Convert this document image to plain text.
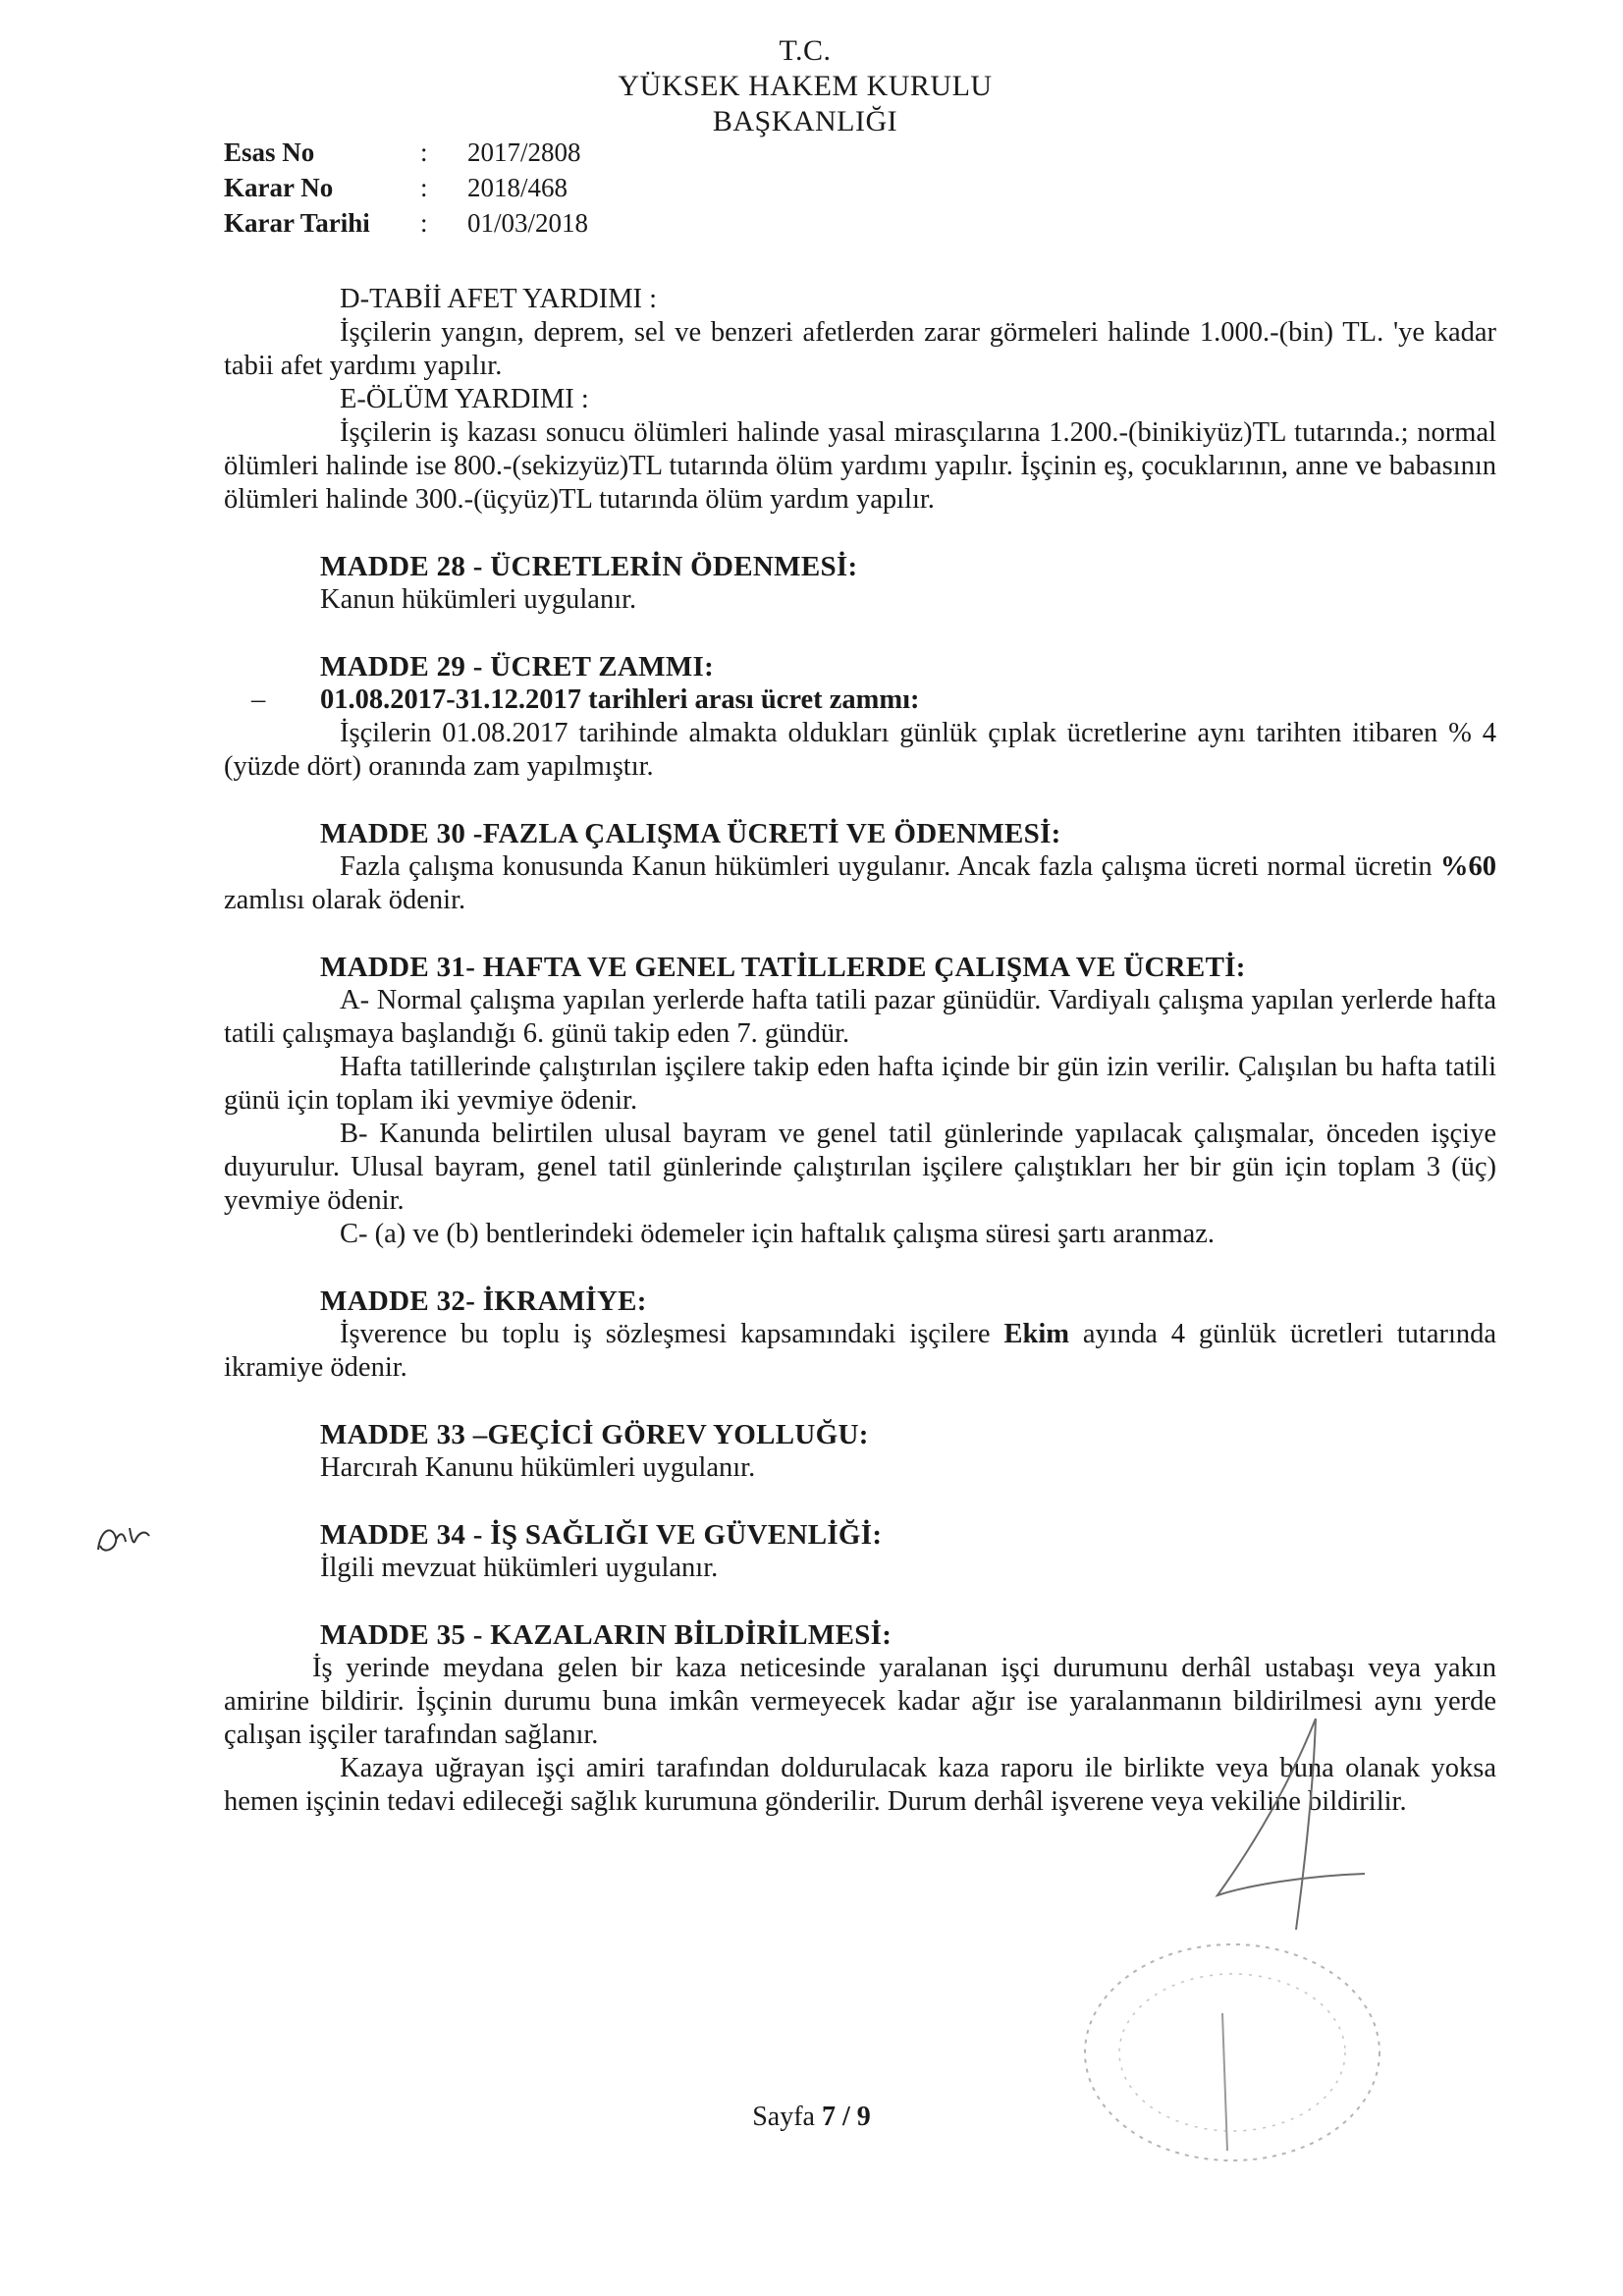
T.C.
YÜKSEK HAKEM KURULU
BAŞKANLIĞI
Esas No	:	2017/2808
Karar No	:	2018/468
Karar Tarihi	:	01/03/2018

D-TABİİ AFET YARDIMI :

İşçilerin yangın, deprem, sel ve benzeri afetlerden zarar görmeleri halinde 1.000.-(bin) TL. 'ye kadar tabii afet yardımı yapılır.

E-ÖLÜM YARDIMI :

İşçilerin iş kazası sonucu ölümleri halinde yasal mirasçılarına 1.200.-(binikiyüz)TL tutarında.; normal ölümleri halinde ise 800.-(sekizyüz)TL tutarında ölüm yardımı yapılır. İşçinin eş, çocuklarının, anne ve babasının ölümleri halinde 300.-(üçyüz)TL tutarında ölüm yardım yapılır.

MADDE 28 - ÜCRETLERİN ÖDENMESİ:

Kanun hükümleri uygulanır.

MADDE 29 - ÜCRET ZAMMI:

– 01.08.2017-31.12.2017 tarihleri arası ücret zammı:

İşçilerin 01.08.2017 tarihinde almakta oldukları günlük çıplak ücretlerine aynı tarihten itibaren % 4 (yüzde dört) oranında zam yapılmıştır.

MADDE 30 -FAZLA ÇALIŞMA ÜCRETİ VE ÖDENMESİ:

Fazla çalışma konusunda Kanun hükümleri uygulanır. Ancak fazla çalışma ücreti normal ücretin %60 zamlısı olarak ödenir.

MADDE 31- HAFTA VE GENEL TATİLLERDE ÇALIŞMA VE ÜCRETİ:

A- Normal çalışma yapılan yerlerde hafta tatili pazar günüdür. Vardiyalı çalışma yapılan yerlerde hafta tatili çalışmaya başlandığı 6. günü takip eden 7. gündür.

Hafta tatillerinde çalıştırılan işçilere takip eden hafta içinde bir gün izin verilir. Çalışılan bu hafta tatili günü için toplam iki yevmiye ödenir.

B- Kanunda belirtilen ulusal bayram ve genel tatil günlerinde yapılacak çalışmalar, önceden işçiye duyurulur. Ulusal bayram, genel tatil günlerinde çalıştırılan işçilere çalıştıkları her bir gün için toplam 3 (üç) yevmiye ödenir.

C- (a) ve (b) bentlerindeki ödemeler için haftalık çalışma süresi şartı aranmaz.

MADDE 32- İKRAMİYE:

İşverence bu toplu iş sözleşmesi kapsamındaki işçilere Ekim ayında 4 günlük ücretleri tutarında ikramiye ödenir.

MADDE 33 –GEÇİCİ GÖREV YOLLUĞU:

Harcırah Kanunu hükümleri uygulanır.

MADDE 34 - İŞ SAĞLIĞI VE GÜVENLİĞİ:

İlgili mevzuat hükümleri uygulanır.

MADDE 35 - KAZALARIN BİLDİRİLMESİ:

İş yerinde meydana gelen bir kaza neticesinde yaralanan işçi durumunu derhâl ustabaşı veya yakın amirine bildirir. İşçinin durumu buna imkân vermeyecek kadar ağır ise yaralanmanın bildirilmesi aynı yerde çalışan işçiler tarafından sağlanır.

Kazaya uğrayan işçi amiri tarafından doldurulacak kaza raporu ile birlikte veya buna olanak yoksa hemen işçinin tedavi edileceği sağlık kurumuna gönderilir. Durum derhâl işverene veya vekiline bildirilir.

Sayfa 7 / 9
